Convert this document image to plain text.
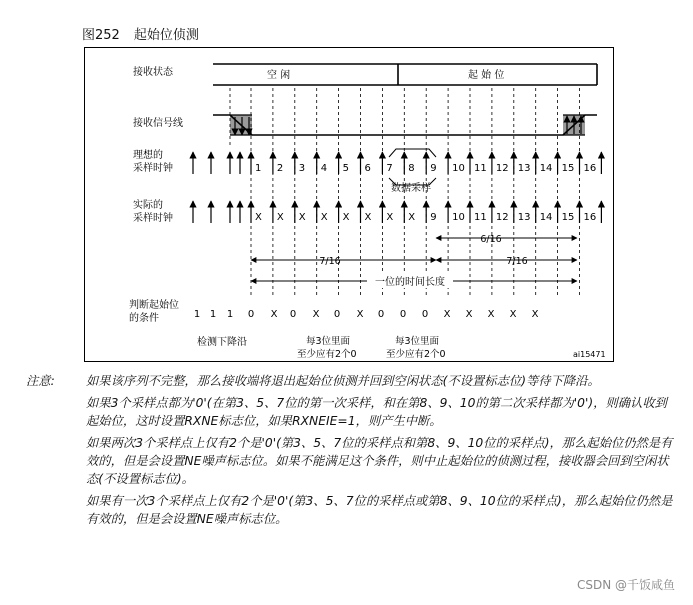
图252 起始位侦测
接收状态
接收信号线
理想的
采样时钟
实际的
采样时钟
判断起始位
的条件
空 闲	起 始 位
1 2 3 4 5 6 7 8 9 10 11 12 13 14 15 16
X X X X X X X X 9 10 11 12 13 14 15 16
数据采样
6/16
7/16	7/16
一位的时间长度
1 1 1 0 X 0 X 0 X 0 0 0 X X X X X
检测下降沿	每3位里面
至少应有2个0
每3位里面
至少应有2个0	ai15471
注意:	如果该序列不完整，那么接收端将退出起始位侦测并回到空闲状态(不设置标志位)等待下降沿。
如果3个采样点都为'0'(在第3、5、7位的第一次采样，和在第8、9、10的第二次采样都为'0')，则确认收到起始位，这时设置RXNE标志位，如果RXNEIE=1，则产生中断。
如果两次3个采样点上仅有2个是'0'(第3、5、7位的采样点和第8、9、10位的采样点)，那么起始位仍然是有效的，但是会设置NE噪声标志位。如果不能满足这个条件，则中止起始位的侦测过程，接收器会回到空闲状态(不设置标志位)。
如果有一次3个采样点上仅有2个是'0'(第3、5、7位的采样点或第8、9、10位的采样点)，那么起始位仍然是有效的，但是会设置NE噪声标志位。
CSDN @千饭咸鱼
